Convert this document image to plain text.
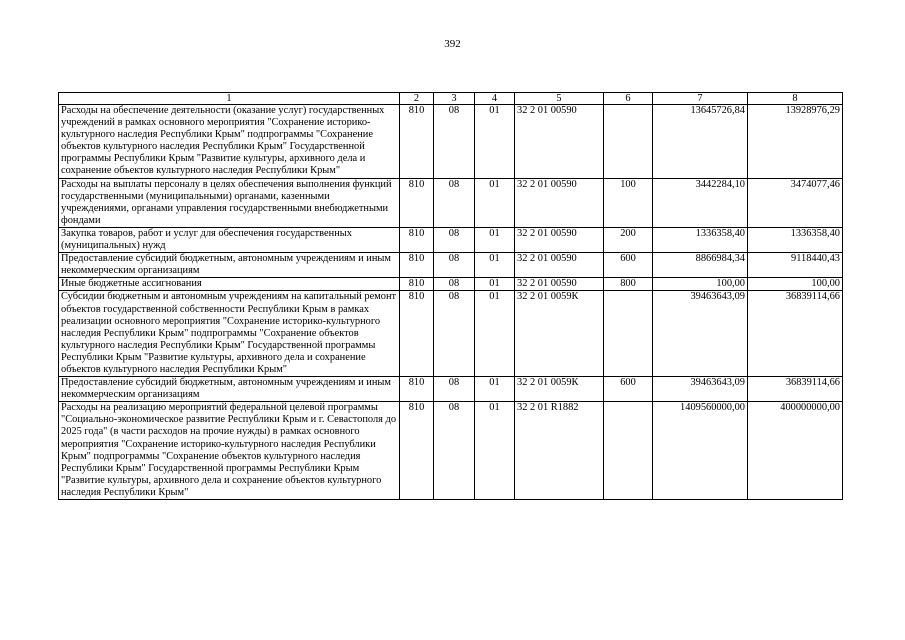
392
1	2	3	4	5	6	7	8
Расходы на обеспечение деятельности (оказание услуг) государственных учреждений в рамках основного мероприятия "Сохранение историко-культурного наследия Республики Крым" подпрограммы "Сохранение объектов культурного наследия Республики Крым" Государственной программы Республики Крым "Развитие культуры, архивного дела и сохранение объектов культурного наследия Республики Крым"	810	08	01	32 2 01 00590		13645726,84	13928976,29
Расходы на выплаты персоналу в целях обеспечения выполнения функций государственными (муниципальными) органами, казенными учреждениями, органами управления государственными внебюджетными фондами	810	08	01	32 2 01 00590	100	3442284,10	3474077,46
Закупка товаров, работ и услуг для обеспечения государственных (муниципальных) нужд	810	08	01	32 2 01 00590	200	1336358,40	1336358,40
Предоставление субсидий бюджетным, автономным учреждениям и иным некоммерческим организациям	810	08	01	32 2 01 00590	600	8866984,34	9118440,43
Иные бюджетные ассигнования	810	08	01	32 2 01 00590	800	100,00	100,00
Субсидии бюджетным и автономным учреждениям на капитальный ремонт объектов государственной собственности Республики Крым в рамках реализации основного мероприятия "Сохранение историко-культурного наследия Республики Крым" подпрограммы "Сохранение объектов культурного наследия Республики Крым" Государственной программы Республики Крым "Развитие культуры, архивного дела и сохранение объектов культурного наследия Республики Крым"	810	08	01	32 2 01 0059К		39463643,09	36839114,66
Предоставление субсидий бюджетным, автономным учреждениям и иным некоммерческим организациям	810	08	01	32 2 01 0059К	600	39463643,09	36839114,66
Расходы на реализацию мероприятий федеральной целевой программы "Социально-экономическое развитие Республики Крым и г. Севастополя до 2025 года" (в части расходов на прочие нужды) в рамках основного мероприятия "Сохранение историко-культурного наследия Республики Крым" подпрограммы "Сохранение объектов культурного наследия Республики Крым" Государственной программы Республики Крым "Развитие культуры, архивного дела и сохранение объектов культурного наследия Республики Крым"	810	08	01	32 2 01 R1882		1409560000,00	400000000,00
